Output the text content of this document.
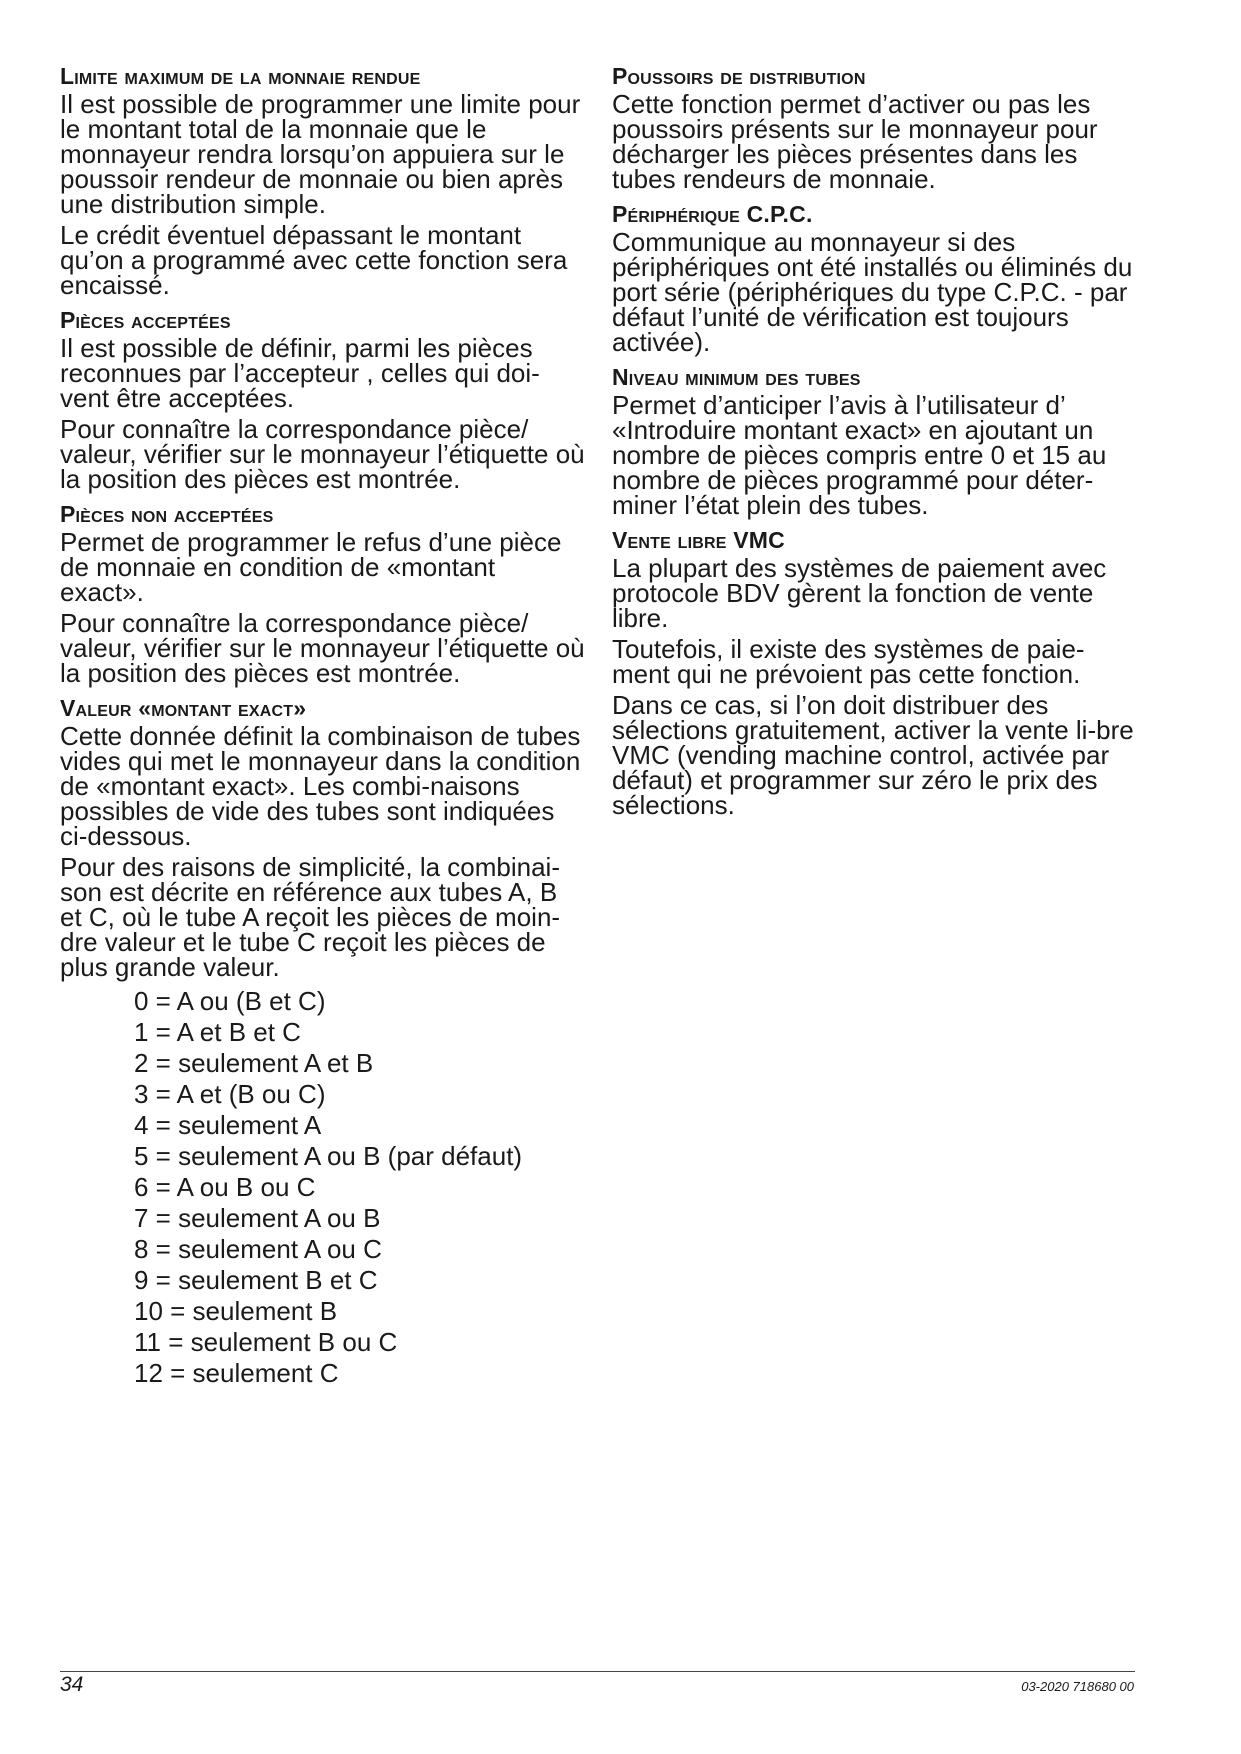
Limite maximum de la monnaie rendue

Il est possible de programmer une limite pour le montant total de la monnaie que le monnayeur rendra lorsqu’on appuiera sur le poussoir rendeur de monnaie ou bien après une distribution simple.

Le crédit éventuel dépassant le montant qu’on a programmé avec cette fonction sera encaissé.

Pièces acceptées

Il est possible de définir, parmi les pièces reconnues par l’accepteur , celles qui doi-vent être acceptées.

Pour connaître la correspondance pièce/ valeur, vérifier sur le monnayeur l’étiquette où la position des pièces est montrée.

Pièces non acceptées

Permet de programmer le refus d’une pièce de monnaie en condition de «montant exact».

Pour connaître la correspondance pièce/ valeur, vérifier sur le monnayeur l’étiquette où la position des pièces est montrée.

Valeur «montant exact»

Cette donnée définit la combinaison de tubes vides qui met le monnayeur dans la condition de «montant exact». Les combi-naisons possibles de vide des tubes sont indiquées ci-dessous.

Pour des raisons de simplicité, la combinai-son est décrite en référence aux tubes A, B et C, où le tube A reçoit les pièces de moin-dre valeur et le tube C reçoit les pièces de plus grande valeur.

0 = A ou (B et C)
1 = A et B et C
2 = seulement A et B
3 = A et (B ou C)
4 = seulement A
5 = seulement A ou B (par défaut)
6 = A ou B ou C
7 = seulement A ou B
8 = seulement A ou C
9 = seulement B et C
10 = seulement B
11 = seulement B ou C
12 = seulement C
Poussoirs de distribution

Cette fonction permet d’activer ou pas les poussoirs présents sur le monnayeur pour décharger les pièces présentes dans les tubes rendeurs de monnaie.

Périphérique C.P.C.

Communique au monnayeur si des périphériques ont été installés ou éliminés du port série (périphériques du type C.P.C. - par défaut l’unité de vérification est toujours activée).

Niveau minimum des tubes

Permet d’anticiper l’avis à l’utilisateur d’ «Introduire montant exact» en ajoutant un nombre de pièces compris entre 0 et 15 au nombre de pièces programmé pour déter-miner l’état plein des tubes.

Vente libre VMC

La plupart des systèmes de paiement avec protocole BDV gèrent la fonction de vente libre.

Toutefois, il existe des systèmes de paie-ment qui ne prévoient pas cette fonction.

Dans ce cas, si l’on doit distribuer des sélections gratuitement, activer la vente li-bre VMC (vending machine control, activée par défaut) et programmer sur zéro le prix des sélections.

34	03-2020 718680 00
